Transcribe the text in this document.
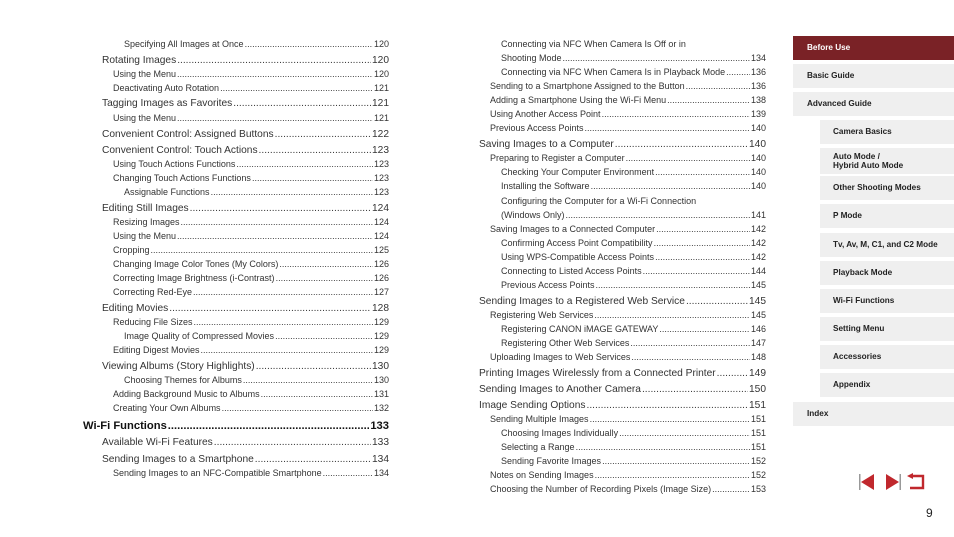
Specifying All Images at Once .....	120
Rotating Images .....	120
Using the Menu .....	120
Deactivating Auto Rotation .....	121
Tagging Images as Favorites .....	121
Using the Menu .....	121
Convenient Control: Assigned Buttons .....	122
Convenient Control: Touch Actions .....	123
Using Touch Actions Functions .....	123
Changing Touch Actions Functions .....	123
Assignable Functions .....	123
Editing Still Images .....	124
Resizing Images .....	124
Using the Menu .....	124
Cropping .....	125
Changing Image Color Tones (My Colors) .....	126
Correcting Image Brightness (i-Contrast) .....	126
Correcting Red-Eye .....	127
Editing Movies .....	128
Reducing File Sizes .....	129
Image Quality of Compressed Movies .....	129
Editing Digest Movies .....	129
Viewing Albums (Story Highlights) .....	130
Choosing Themes for Albums .....	130
Adding Background Music to Albums .....	131
Creating Your Own Albums .....	132
Wi-Fi Functions .....	133
Available Wi-Fi Features .....	133
Sending Images to a Smartphone .....	134
Sending Images to an NFC-Compatible Smartphone .....	134
Connecting via NFC When Camera Is Off or in
Shooting Mode .....	134
Connecting via NFC When Camera Is in Playback Mode .....	136
Sending to a Smartphone Assigned to the Button .....	136
Adding a Smartphone Using the Wi-Fi Menu .....	138
Using Another Access Point .....	139
Previous Access Points .....	140
Saving Images to a Computer .....	140
Preparing to Register a Computer .....	140
Checking Your Computer Environment .....	140
Installing the Software .....	140
Configuring the Computer for a Wi-Fi Connection
(Windows Only) .....	141
Saving Images to a Connected Computer .....	142
Confirming Access Point Compatibility .....	142
Using WPS-Compatible Access Points .....	142
Connecting to Listed Access Points .....	144
Previous Access Points .....	145
Sending Images to a Registered Web Service .....	145
Registering Web Services .....	145
Registering CANON iMAGE GATEWAY .....	146
Registering Other Web Services .....	147
Uploading Images to Web Services .....	148
Printing Images Wirelessly from a Connected Printer .....	149
Sending Images to Another Camera .....	150
Image Sending Options .....	151
Sending Multiple Images .....	151
Choosing Images Individually .....	151
Selecting a Range .....	151
Sending Favorite Images .....	152
Notes on Sending Images .....	152
Choosing the Number of Recording Pixels (Image Size) .....	153
Before Use
Basic Guide
Advanced Guide
Camera Basics
Auto Mode /
Hybrid Auto Mode
Other Shooting Modes
P Mode
Tv, Av, M, C1, and C2 Mode
Playback Mode
Wi-Fi Functions
Setting Menu
Accessories
Appendix
Index
9
